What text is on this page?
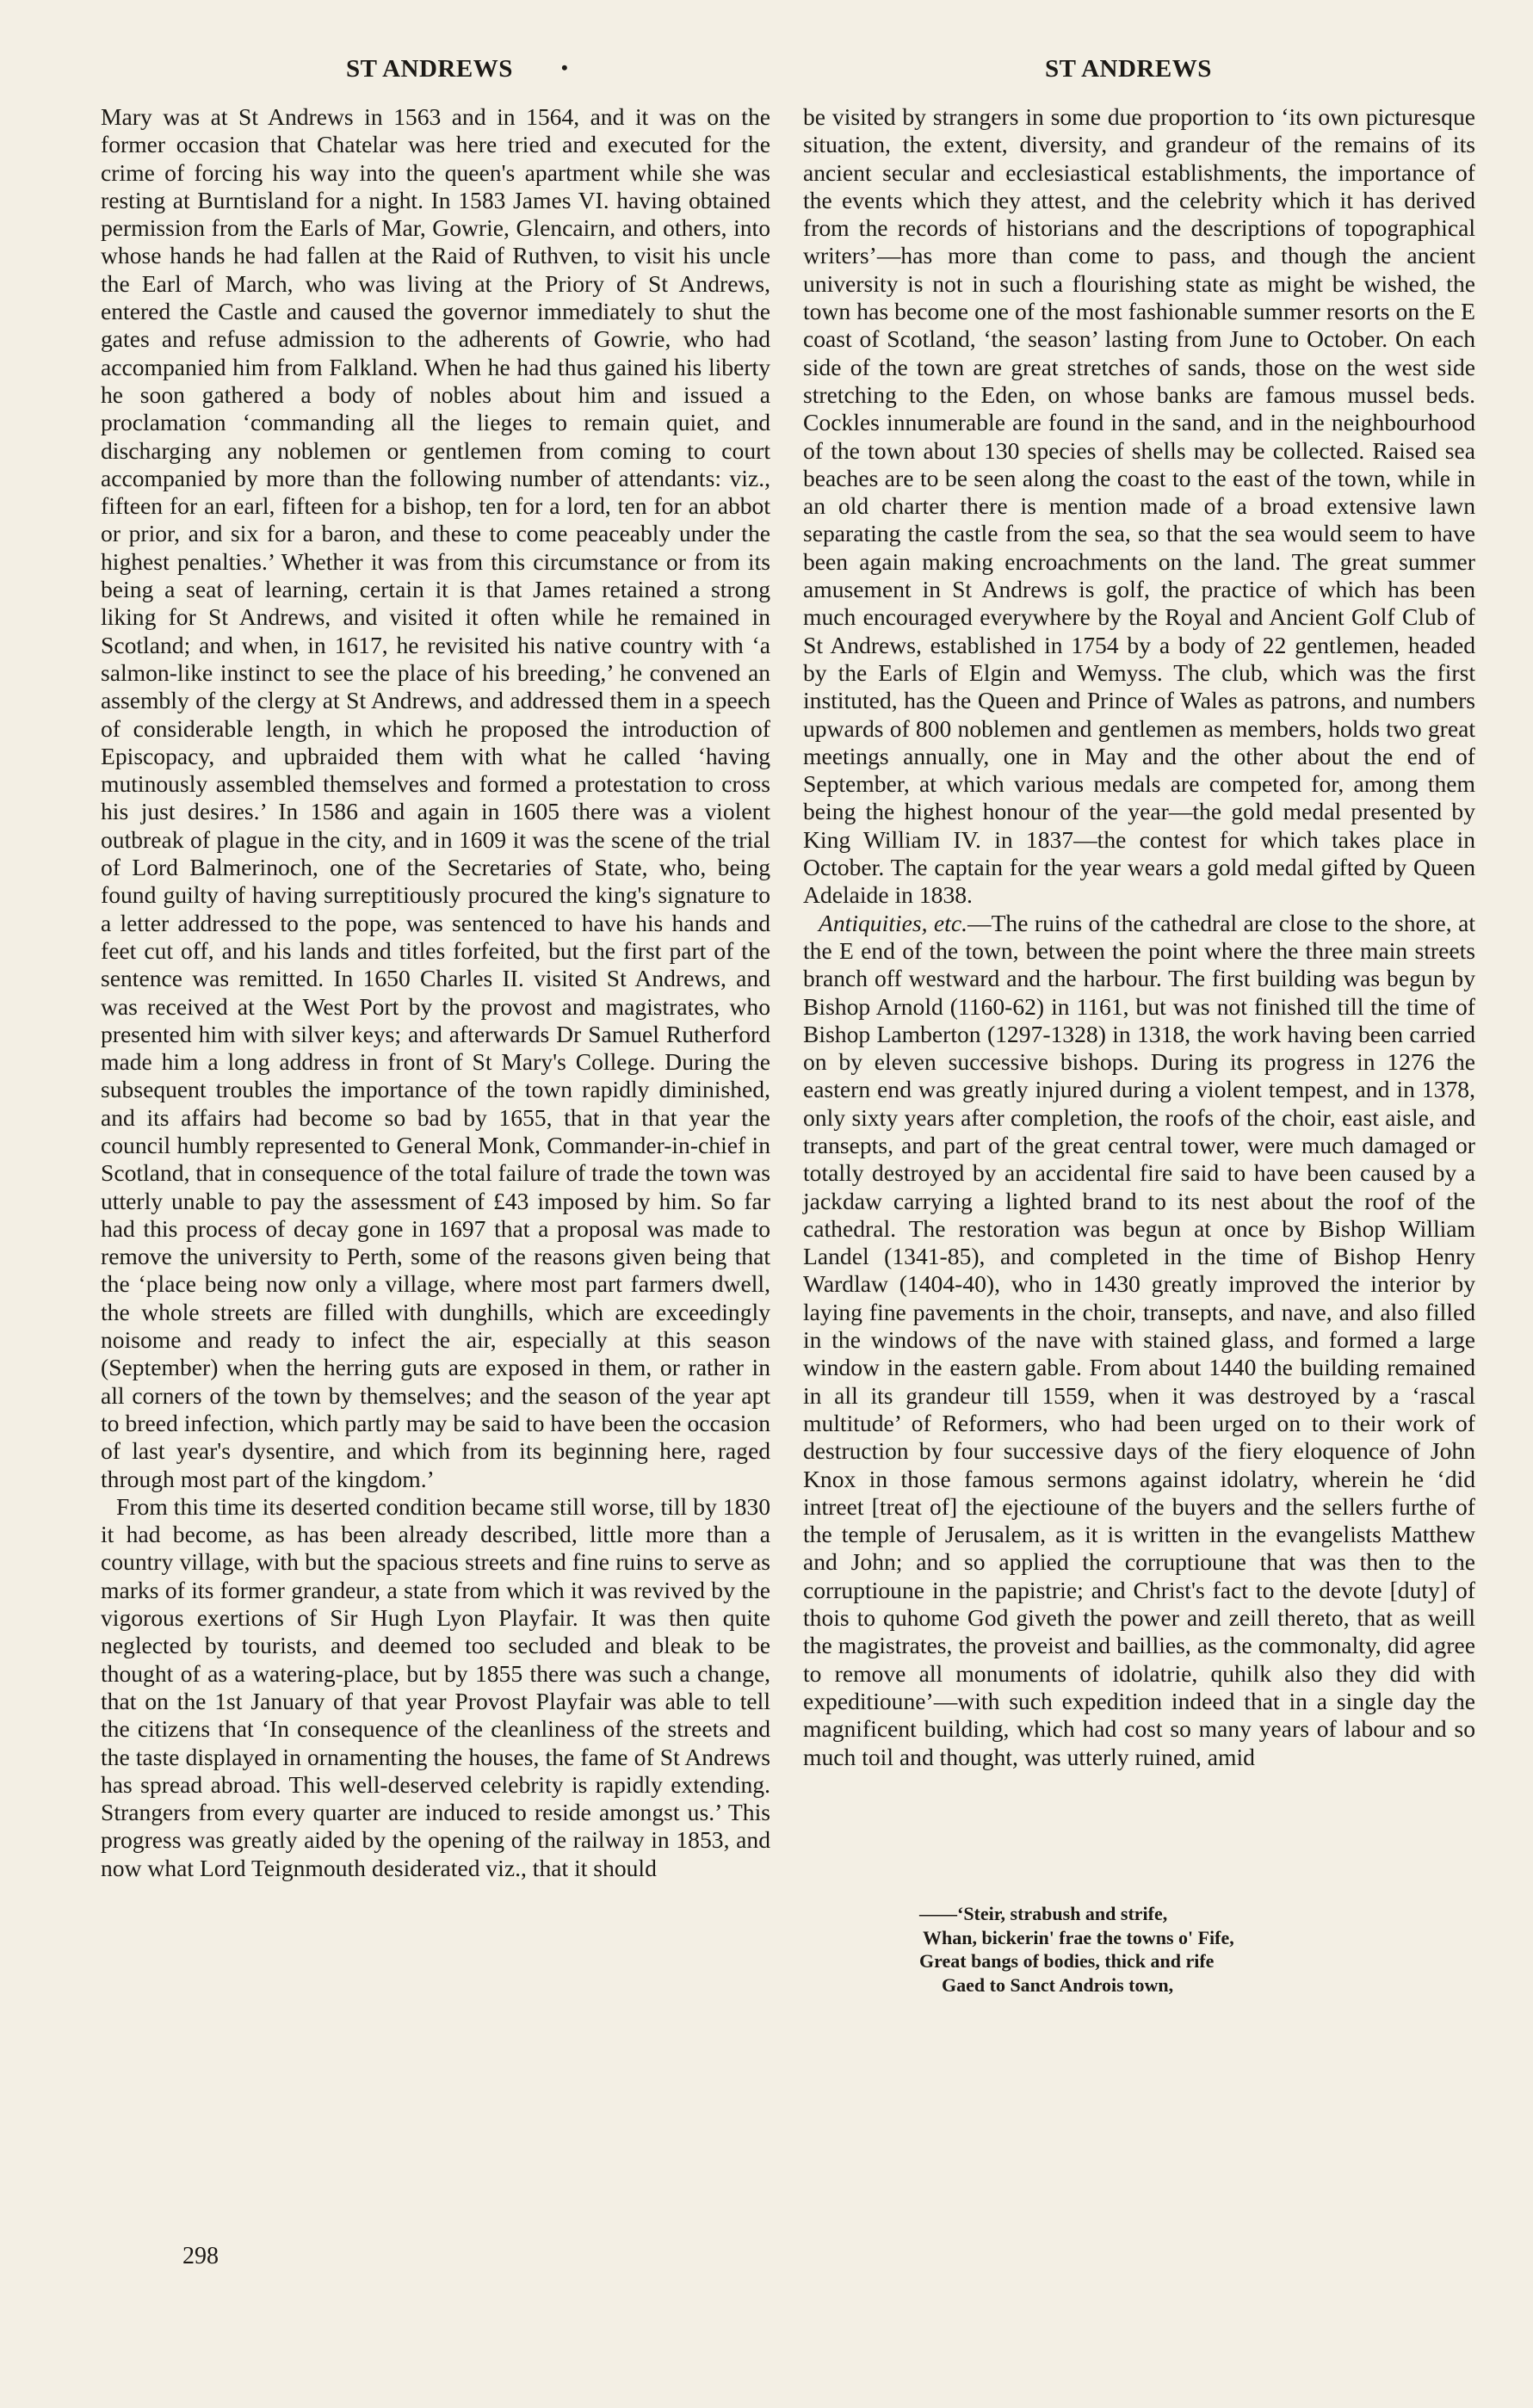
ST ANDREWS	•	ST ANDREWS

Mary was at St Andrews in 1563 and in 1564, and it was on the former occasion that Chatelar was here tried and executed for the crime of forcing his way into the queen's apartment while she was resting at Burntisland for a night. In 1583 James VI. having obtained permission from the Earls of Mar, Gowrie, Glencairn, and others, into whose hands he had fallen at the Raid of Ruthven, to visit his uncle the Earl of March, who was living at the Priory of St Andrews, entered the Castle and caused the governor immediately to shut the gates and refuse admission to the adherents of Gowrie, who had accompanied him from Falkland. When he had thus gained his liberty he soon gathered a body of nobles about him and issued a proclamation ‘commanding all the lieges to remain quiet, and discharging any noblemen or gentlemen from coming to court accompanied by more than the following number of attendants: viz., fifteen for an earl, fifteen for a bishop, ten for a lord, ten for an abbot or prior, and six for a baron, and these to come peaceably under the highest penalties.’ Whether it was from this circumstance or from its being a seat of learning, certain it is that James retained a strong liking for St Andrews, and visited it often while he remained in Scotland; and when, in 1617, he revisited his native country with ‘a salmon-like instinct to see the place of his breeding,’ he convened an assembly of the clergy at St Andrews, and addressed them in a speech of considerable length, in which he proposed the introduction of Episcopacy, and upbraided them with what he called ‘having mutinously assembled themselves and formed a protestation to cross his just desires.’ In 1586 and again in 1605 there was a violent outbreak of plague in the city, and in 1609 it was the scene of the trial of Lord Balmerinoch, one of the Secretaries of State, who, being found guilty of having surreptitiously procured the king's signature to a letter addressed to the pope, was sentenced to have his hands and feet cut off, and his lands and titles forfeited, but the first part of the sentence was remitted. In 1650 Charles II. visited St Andrews, and was received at the West Port by the provost and magistrates, who presented him with silver keys; and afterwards Dr Samuel Rutherford made him a long address in front of St Mary's College. During the subsequent troubles the importance of the town rapidly diminished, and its affairs had become so bad by 1655, that in that year the council humbly represented to General Monk, Commander-in-chief in Scotland, that in consequence of the total failure of trade the town was utterly unable to pay the assessment of £43 imposed by him. So far had this process of decay gone in 1697 that a proposal was made to remove the university to Perth, some of the reasons given being that the ‘place being now only a village, where most part farmers dwell, the whole streets are filled with dunghills, which are exceedingly noisome and ready to infect the air, especially at this season (September) when the herring guts are exposed in them, or rather in all corners of the town by themselves; and the season of the year apt to breed infection, which partly may be said to have been the occasion of last year's dysentire, and which from its beginning here, raged through most part of the kingdom.’

From this time its deserted condition became still worse, till by 1830 it had become, as has been already described, little more than a country village, with but the spacious streets and fine ruins to serve as marks of its former grandeur, a state from which it was revived by the vigorous exertions of Sir Hugh Lyon Playfair. It was then quite neglected by tourists, and deemed too secluded and bleak to be thought of as a watering-place, but by 1855 there was such a change, that on the 1st January of that year Provost Playfair was able to tell the citizens that ‘In consequence of the cleanliness of the streets and the taste displayed in ornamenting the houses, the fame of St Andrews has spread abroad. This well-deserved celebrity is rapidly extending. Strangers from every quarter are induced to reside amongst us.’ This progress was greatly aided by the opening of the railway in 1853, and now what Lord Teignmouth desiderated viz., that it should

be visited by strangers in some due proportion to ‘its own picturesque situation, the extent, diversity, and grandeur of the remains of its ancient secular and ecclesiastical establishments, the importance of the events which they attest, and the celebrity which it has derived from the records of historians and the descriptions of topographical writers’—has more than come to pass, and though the ancient university is not in such a flourishing state as might be wished, the town has become one of the most fashionable summer resorts on the E coast of Scotland, ‘the season’ lasting from June to October. On each side of the town are great stretches of sands, those on the west side stretching to the Eden, on whose banks are famous mussel beds. Cockles innumerable are found in the sand, and in the neighbourhood of the town about 130 species of shells may be collected. Raised sea beaches are to be seen along the coast to the east of the town, while in an old charter there is mention made of a broad extensive lawn separating the castle from the sea, so that the sea would seem to have been again making encroachments on the land. The great summer amusement in St Andrews is golf, the practice of which has been much encouraged everywhere by the Royal and Ancient Golf Club of St Andrews, established in 1754 by a body of 22 gentlemen, headed by the Earls of Elgin and Wemyss. The club, which was the first instituted, has the Queen and Prince of Wales as patrons, and numbers upwards of 800 noblemen and gentlemen as members, holds two great meetings annually, one in May and the other about the end of September, at which various medals are competed for, among them being the highest honour of the year—the gold medal presented by King William IV. in 1837—the contest for which takes place in October. The captain for the year wears a gold medal gifted by Queen Adelaide in 1838.

Antiquities, etc.—The ruins of the cathedral are close to the shore, at the E end of the town, between the point where the three main streets branch off westward and the harbour. The first building was begun by Bishop Arnold (1160-62) in 1161, but was not finished till the time of Bishop Lamberton (1297-1328) in 1318, the work having been carried on by eleven successive bishops. During its progress in 1276 the eastern end was greatly injured during a violent tempest, and in 1378, only sixty years after completion, the roofs of the choir, east aisle, and transepts, and part of the great central tower, were much damaged or totally destroyed by an accidental fire said to have been caused by a jackdaw carrying a lighted brand to its nest about the roof of the cathedral. The restoration was begun at once by Bishop William Landel (1341-85), and completed in the time of Bishop Henry Wardlaw (1404-40), who in 1430 greatly improved the interior by laying fine pavements in the choir, transepts, and nave, and also filled in the windows of the nave with stained glass, and formed a large window in the eastern gable. From about 1440 the building remained in all its grandeur till 1559, when it was destroyed by a ‘rascal multitude’ of Reformers, who had been urged on to their work of destruction by four successive days of the fiery eloquence of John Knox in those famous sermons against idolatry, wherein he ‘did intreet [treat of] the ejectioune of the buyers and the sellers furthe of the temple of Jerusalem, as it is written in the evangelists Matthew and John; and so applied the corruptioune that was then to the corruptioune in the papistrie; and Christ's fact to the devote [duty] of thois to quhome God giveth the power and zeill thereto, that as weill the magistrates, the proveist and baillies, as the commonalty, did agree to remove all monuments of idolatrie, quhilk also they did with expeditioune’—with such expedition indeed that in a single day the magnificent building, which had cost so many years of labour and so much toil and thought, was utterly ruined, amid

——‘Steir, strabush and strife,
Whan, bickerin' frae the towns o' Fife,
Great bangs of bodies, thick and rife
Gaed to Sanct Androis town,
298
